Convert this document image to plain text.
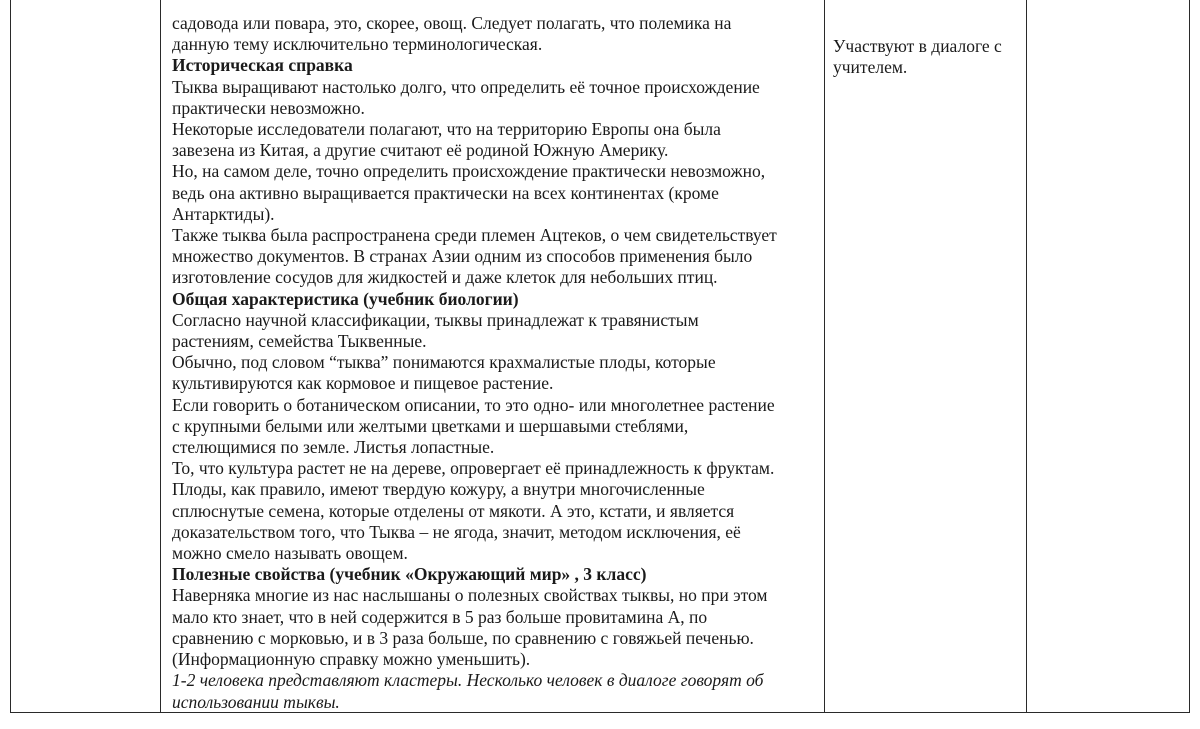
садовода или повара, это, скорее, овощ. Следует полагать, что полемика на
данную тему исключительно терминологическая.
Историческая справка
Тыква выращивают настолько долго, что определить её точное происхождение
практически невозможно.
Некоторые исследователи полагают, что на территорию Европы она была
завезена из Китая, а другие считают её родиной Южную Америку.
Но, на самом деле, точно определить происхождение практически невозможно,
ведь она активно выращивается практически на всех континентах (кроме
Антарктиды).
Также тыква была распространена среди племен Ацтеков, о чем свидетельствует
множество документов. В странах Азии одним из способов применения было
изготовление сосудов для жидкостей и даже клеток для небольших птиц.
Общая характеристика (учебник биологии)
Согласно научной классификации, тыквы принадлежат к травянистым
растениям, семейства Тыквенные.
Обычно, под словом “тыква” понимаются крахмалистые плоды, которые
культивируются как кормовое и пищевое растение.
Если говорить о ботаническом описании, то это одно- или многолетнее растение
с крупными белыми или желтыми цветками и шершавыми стеблями,
стелющимися по земле. Листья лопастные.
То, что культура растет не на дереве, опровергает её принадлежность к фруктам.
Плоды, как правило, имеют твердую кожуру, а внутри многочисленные
сплюснутые семена, которые отделены от мякоти. А это, кстати, и является
доказательством того, что Тыква – не ягода, значит, методом исключения, её
можно смело называть овощем.
Полезные свойства (учебник «Окружающий мир» , 3 класс)
Наверняка многие из нас наслышаны о полезных свойствах тыквы, но при этом
мало кто знает, что в ней содержится в 5 раз больше провитамина А, по
сравнению с морковью, и в 3 раза больше, по сравнению с говяжьей печенью.
(Информационную справку можно уменьшить).
1-2 человека представляют кластеры. Несколько человек в диалоге говорят об
использовании тыквы.
Участвуют в диалоге с
учителем.
